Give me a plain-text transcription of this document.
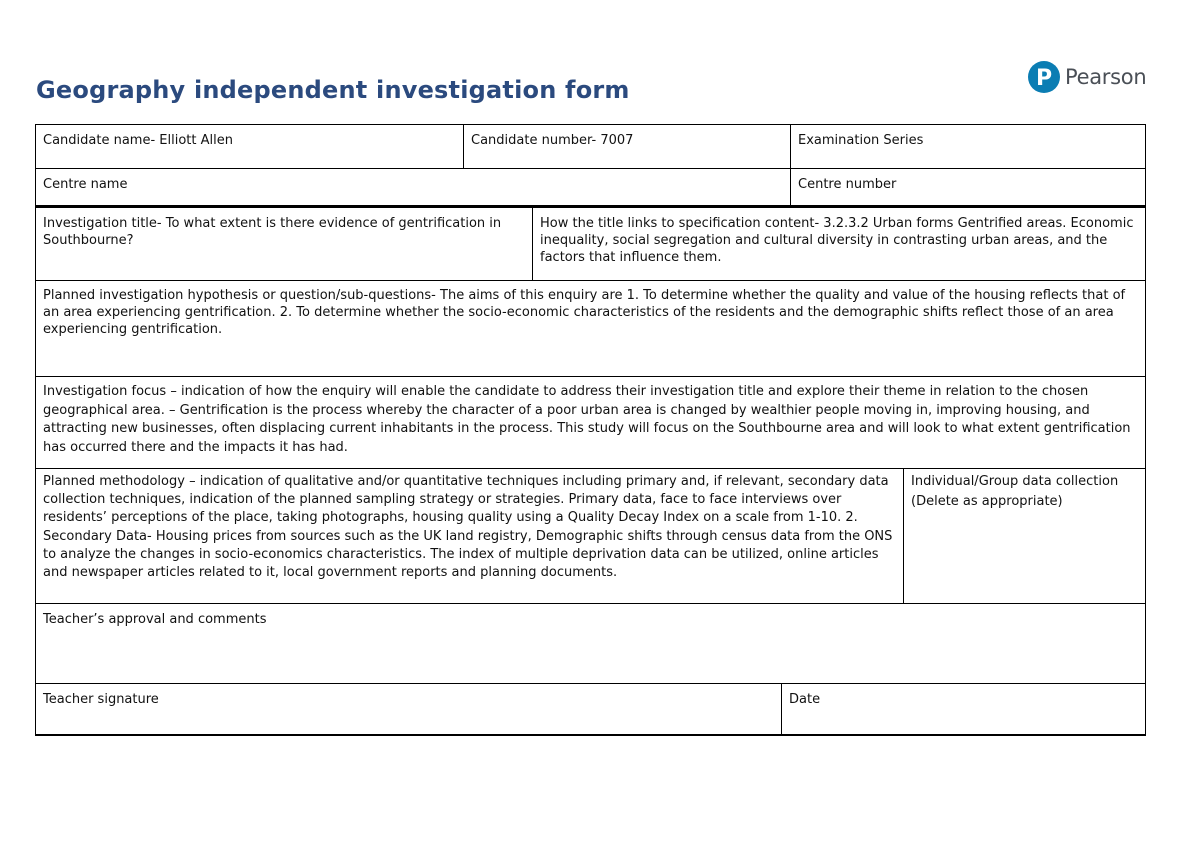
Geography independent investigation form	P Pearson
Candidate name- Elliott Allen	Candidate number- 7007	Examination Series
Centre name	Centre number
Investigation title- To what extent is there evidence of gentrification in Southbourne?
How the title links to specification content- 3.2.3.2 Urban forms Gentrified areas. Economic inequality, social segregation and cultural diversity in contrasting urban areas, and the factors that influence them.
Planned investigation hypothesis or question/sub-questions- The aims of this enquiry are 1. To determine whether the quality and value of the housing reflects that of an area experiencing gentrification. 2. To determine whether the socio-economic characteristics of the residents and the demographic shifts reflect those of an area experiencing gentrification.
Investigation focus – indication of how the enquiry will enable the candidate to address their investigation title and explore their theme in relation to the chosen geographical area. – Gentrification is the process whereby the character of a poor urban area is changed by wealthier people moving in, improving housing, and attracting new businesses, often displacing current inhabitants in the process. This study will focus on the Southbourne area and will look to what extent gentrification has occurred there and the impacts it has had.
Planned methodology – indication of qualitative and/or quantitative techniques including primary and, if relevant, secondary data collection techniques, indication of the planned sampling strategy or strategies. Primary data, face to face interviews over residents’ perceptions of the place, taking photographs, housing quality using a Quality Decay Index on a scale from 1-10. 2. Secondary Data- Housing prices from sources such as the UK land registry, Demographic shifts through census data from the ONS to analyze the changes in socio-economics characteristics. The index of multiple deprivation data can be utilized, online articles and newspaper articles related to it, local government reports and planning documents.
Individual/Group data collection
(Delete as appropriate)
Teacher’s approval and comments
Teacher signature	Date
